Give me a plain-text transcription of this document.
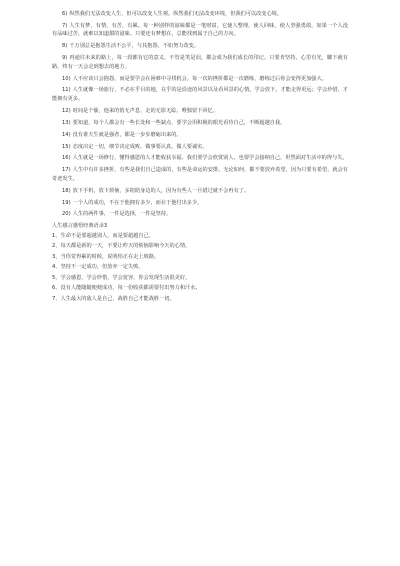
6) 纵然我们无法改变人生，但可以改变人生观。纵然我们无法改变环境，但我们可以改变心境。

7) 人生有梦，有情，有苦，有累。每一种别样的滋味都是一笔财富，它使人整理，使人回味，使人坚强勇敢。如果一个人没有品味过苦，就难以知道甜的滋味。只要还有梦想在，总能找到属于自己的方向。

8) 千万别总是抱怨生活不公平，与其抱怨，不如努力改变。

9) 再通往未来的路上，每一段都有它的意义，不管是笑是泪，都会成为我们成长的印记。只要肯坚持，心里有光，脚下就有路，终有一天会走到想去的地方。

10) 人不应该只会抱怨，而是要学会在困难中寻找机会。每一次的挫折都是一次磨练，磨练过后你会变得更加强大。

11) 人生就像一场旅行，不必在乎目的地，在乎的是沿途的风景以及看风景的心情。学会放下，才能走得更远；学会珍惜，才能拥有更多。

12) 时间是个偷，他来的悄无声息，走的无影无踪，唯独留下回忆。

13) 要知道，每个人都会有一些长处和一些缺点，要学会用积极的眼光看待自己，不断超越自我。

14) 没有谁天生就是强者，都是一步步磨砺出来的。

15) 态度决定一切，细节决定成败。做事要认真，做人要诚实。

16) 人生就是一场修行，懂得感恩的人才能收获幸福。我们要学会欣赏别人，也要学会接纳自己，坦然面对生活中的得与失。

17) 人生中有许多挫折，有些是我们自己造成的，有些是命运的安排。无论如何，都不要放弃希望，因为只要有希望，就会有奇迹发生。

18) 放下手机，放下烦恼，多陪陪身边的人，因为有些人一旦错过就不会再有了。

19) 一个人的成功，不在于他拥有多少，而在于他付出多少。

20) 人生的两件事，一件是选择，一件是坚持。

人生感言感悟经典语录3

1、生命不是要超越别人，而是要超越自己。

2、每天都是新的一天，不要让昨天的烦恼影响今天的心情。

3、当你觉得累的时候，说明你正在走上坡路。

4、坚持不一定成功，但放弃一定失败。

5、学会感恩，学会珍惜，学会宽容，你会发现生活很美好。

6、没有人能随随便便成功，每一份收获都需要付出努力和汗水。

7、人生最大的敌人是自己，战胜自己才能战胜一切。
